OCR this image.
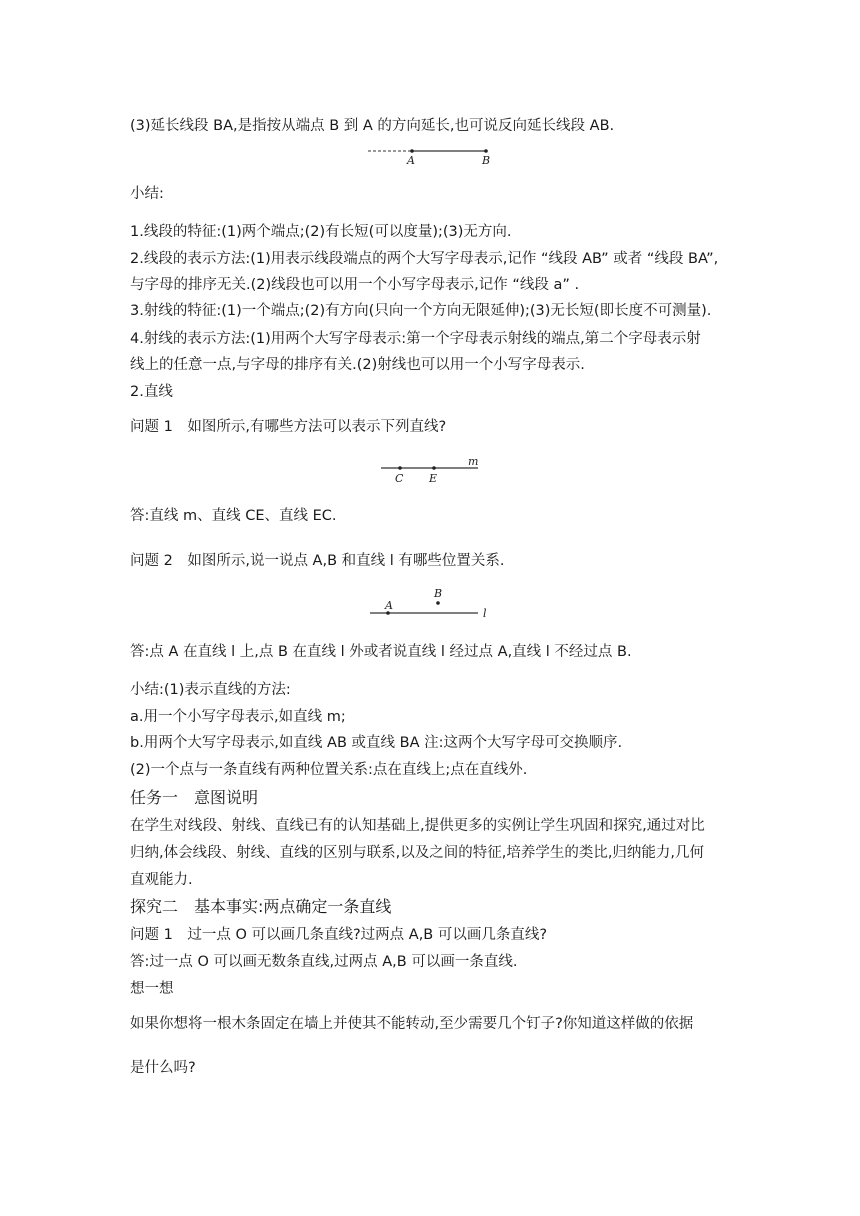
(3)延长线段 BA,是指按从端点 B 到 A 的方向延长,也可说反向延长线段 AB.
A	B
小结:
1.线段的特征:(1)两个端点;(2)有长短(可以度量);(3)无方向.
2.线段的表示方法:(1)用表示线段端点的两个大写字母表示,记作 “线段 AB” 或者 “线段 BA”,
与字母的排序无关.(2)线段也可以用一个小写字母表示,记作 “线段 a” .
3.射线的特征:(1)一个端点;(2)有方向(只向一个方向无限延伸);(3)无长短(即长度不可测量).
4.射线的表示方法:(1)用两个大写字母表示:第一个字母表示射线的端点,第二个字母表示射
线上的任意一点,与字母的排序有关.(2)射线也可以用一个小写字母表示.
2.直线
问题 1　如图所示,有哪些方法可以表示下列直线?
C E
m
答:直线 m、直线 CE、直线 EC.
问题 2　如图所示,说一说点 A,B 和直线 l 有哪些位置关系.
A
B
l
答:点 A 在直线 l 上,点 B 在直线 l 外或者说直线 l 经过点 A,直线 l 不经过点 B.
小结:(1)表示直线的方法:
a.用一个小写字母表示,如直线 m;
b.用两个大写字母表示,如直线 AB 或直线 BA 注:这两个大写字母可交换顺序.
(2)一个点与一条直线有两种位置关系:点在直线上;点在直线外.
任务一　意图说明
在学生对线段、射线、直线已有的认知基础上,提供更多的实例让学生巩固和探究,通过对比
归纳,体会线段、射线、直线的区别与联系,以及之间的特征,培养学生的类比,归纳能力,几何
直观能力.
探究二　基本事实:两点确定一条直线
问题 1　过一点 O 可以画几条直线?过两点 A,B 可以画几条直线?
答:过一点 O 可以画无数条直线,过两点 A,B 可以画一条直线.
想一想
如果你想将一根木条固定在墙上并使其不能转动,至少需要几个钉子?你知道这样做的依据
是什么吗?
